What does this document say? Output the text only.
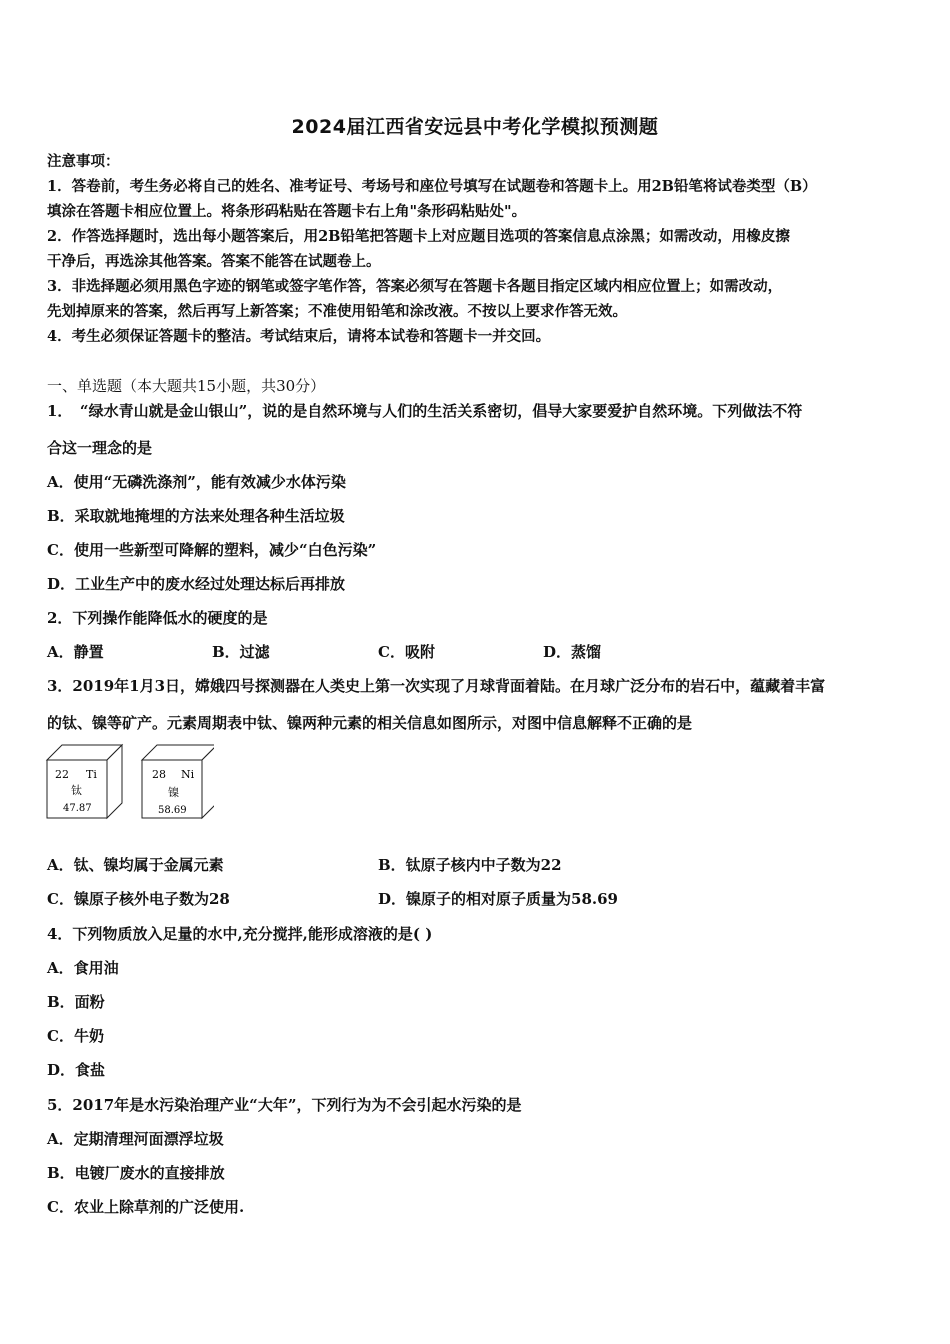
2024届江西省安远县中考化学模拟预测题
注意事项：
1．答卷前，考生务必将自己的姓名、准考证号、考场号和座位号填写在试题卷和答题卡上。用2B铅笔将试卷类型（B）
填涂在答题卡相应位置上。将条形码粘贴在答题卡右上角"条形码粘贴处"。
2．作答选择题时，选出每小题答案后，用2B铅笔把答题卡上对应题目选项的答案信息点涂黑；如需改动，用橡皮擦
干净后，再选涂其他答案。答案不能答在试题卷上。
3．非选择题必须用黑色字迹的钢笔或签字笔作答，答案必须写在答题卡各题目指定区域内相应位置上；如需改动，
先划掉原来的答案，然后再写上新答案；不准使用铅笔和涂改液。不按以上要求作答无效。
4．考生必须保证答题卡的整洁。考试结束后，请将本试卷和答题卡一并交回。
一、单选题（本大题共15小题，共30分）
1．　“绿水青山就是金山银山”，说的是自然环境与人们的生活关系密切，倡导大家要爱护自然环境。下列做法不符
合这一理念的是
A．使用“无磷洗涤剂”，能有效减少水体污染
B．采取就地掩埋的方法来处理各种生活垃圾
C．使用一些新型可降解的塑料，减少“白色污染”
D．工业生产中的废水经过处理达标后再排放
2．下列操作能降低水的硬度的是
A．静置	B．过滤	C．吸附	D．蒸馏
3．2019年1月3日，嫦娥四号探测器在人类史上第一次实现了月球背面着陆。在月球广泛分布的岩石中，蕴藏着丰富
的钛、镍等矿产。元素周期表中钛、镍两种元素的相关信息如图所示，对图中信息解释不正确的是
22 Ti
钛
47.87
28 Ni
镍
58.69
A．钛、镍均属于金属元素	B．钛原子核内中子数为22
C．镍原子核外电子数为28	D．镍原子的相对原子质量为58.69
4．下列物质放入足量的水中,充分搅拌,能形成溶液的是( )
A．食用油
B．面粉
C．牛奶
D．食盐
5．2017年是水污染治理产业“大年”，下列行为为不会引起水污染的是
A．定期清理河面漂浮垃圾
B．电镀厂废水的直接排放
C．农业上除草剂的广泛使用.
